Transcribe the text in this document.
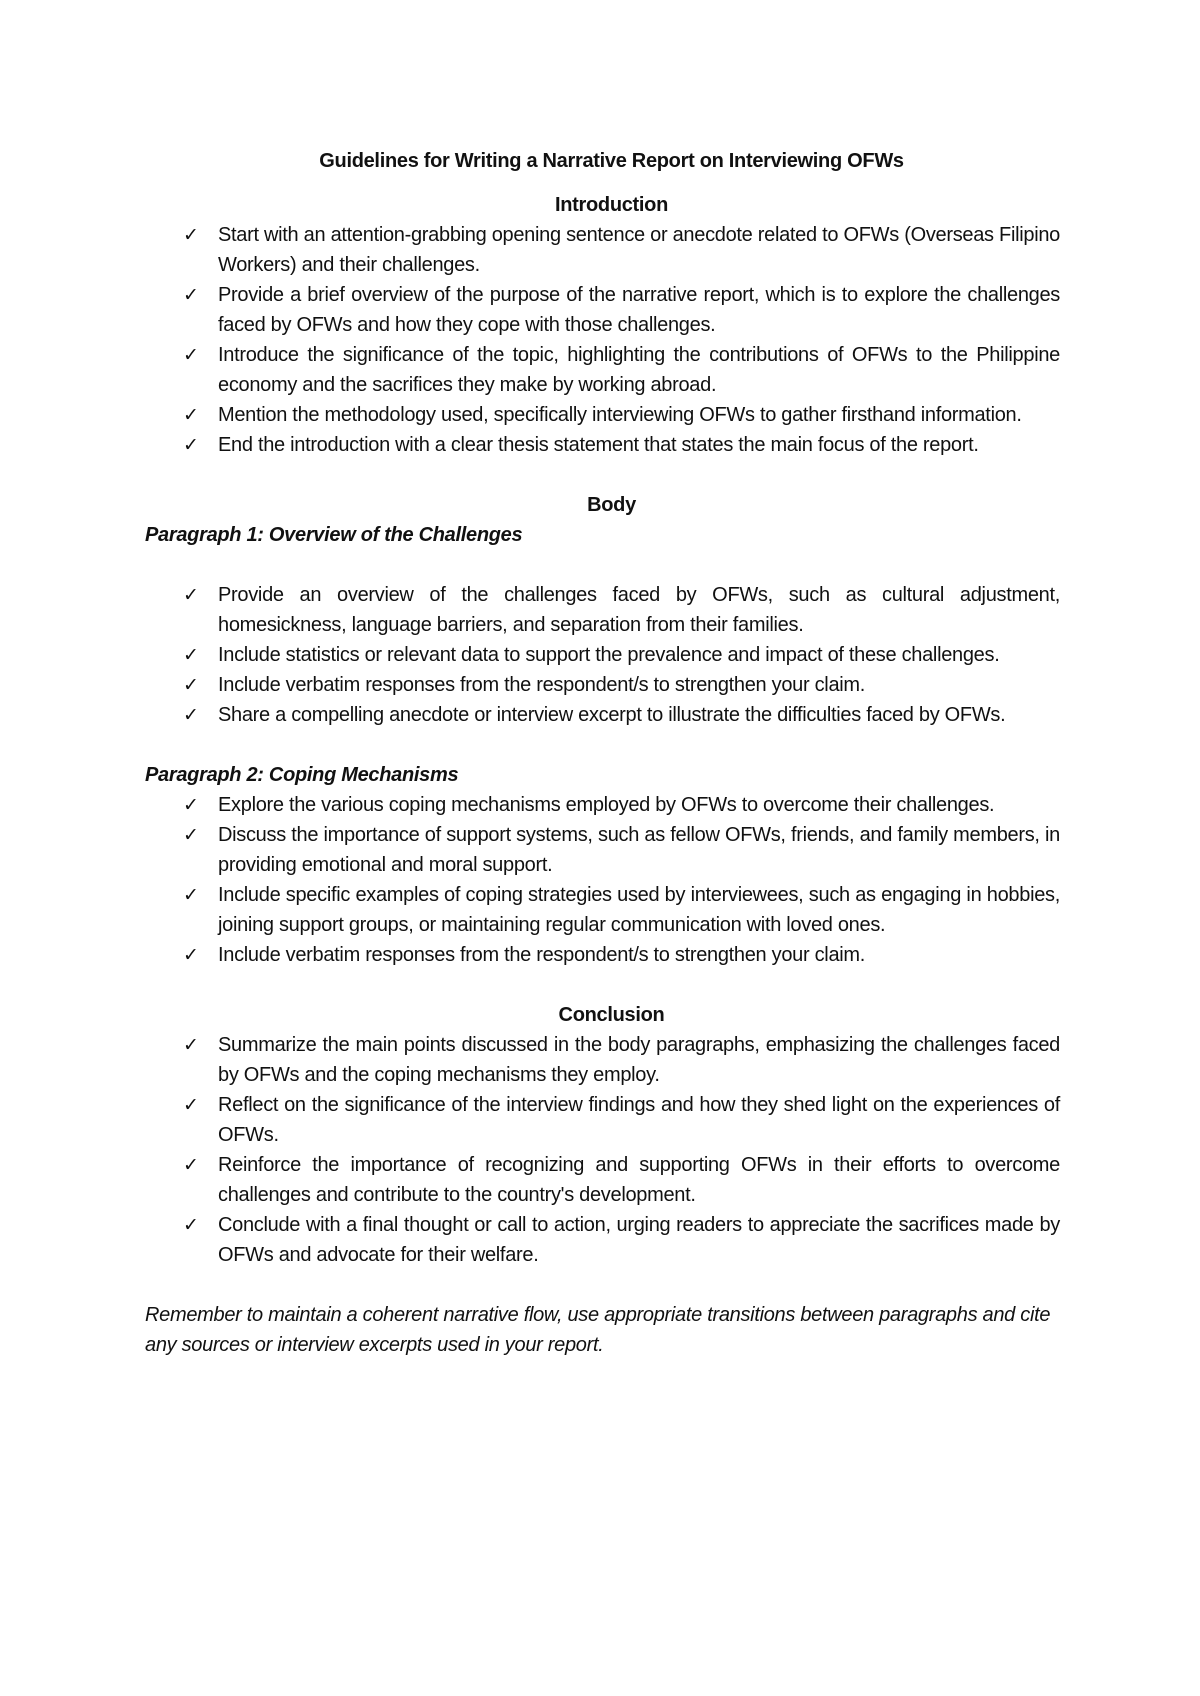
Guidelines for Writing a Narrative Report on Interviewing OFWs
Introduction
✓ Start with an attention-grabbing opening sentence or anecdote related to OFWs (Overseas Filipino Workers) and their challenges.
✓ Provide a brief overview of the purpose of the narrative report, which is to explore the challenges faced by OFWs and how they cope with those challenges.
✓ Introduce the significance of the topic, highlighting the contributions of OFWs to the Philippine economy and the sacrifices they make by working abroad.
✓ Mention the methodology used, specifically interviewing OFWs to gather firsthand information.
✓ End the introduction with a clear thesis statement that states the main focus of the report.
Body
Paragraph 1: Overview of the Challenges
✓ Provide an overview of the challenges faced by OFWs, such as cultural adjustment, homesickness, language barriers, and separation from their families.
✓ Include statistics or relevant data to support the prevalence and impact of these challenges.
✓ Include verbatim responses from the respondent/s to strengthen your claim.
✓ Share a compelling anecdote or interview excerpt to illustrate the difficulties faced by OFWs.
Paragraph 2: Coping Mechanisms
✓ Explore the various coping mechanisms employed by OFWs to overcome their challenges.
✓ Discuss the importance of support systems, such as fellow OFWs, friends, and family members, in providing emotional and moral support.
✓ Include specific examples of coping strategies used by interviewees, such as engaging in hobbies, joining support groups, or maintaining regular communication with loved ones.
✓ Include verbatim responses from the respondent/s to strengthen your claim.
Conclusion
✓ Summarize the main points discussed in the body paragraphs, emphasizing the challenges faced by OFWs and the coping mechanisms they employ.
✓ Reflect on the significance of the interview findings and how they shed light on the experiences of OFWs.
✓ Reinforce the importance of recognizing and supporting OFWs in their efforts to overcome challenges and contribute to the country's development.
✓ Conclude with a final thought or call to action, urging readers to appreciate the sacrifices made by OFWs and advocate for their welfare.

Remember to maintain a coherent narrative flow, use appropriate transitions between paragraphs and cite any sources or interview excerpts used in your report.
